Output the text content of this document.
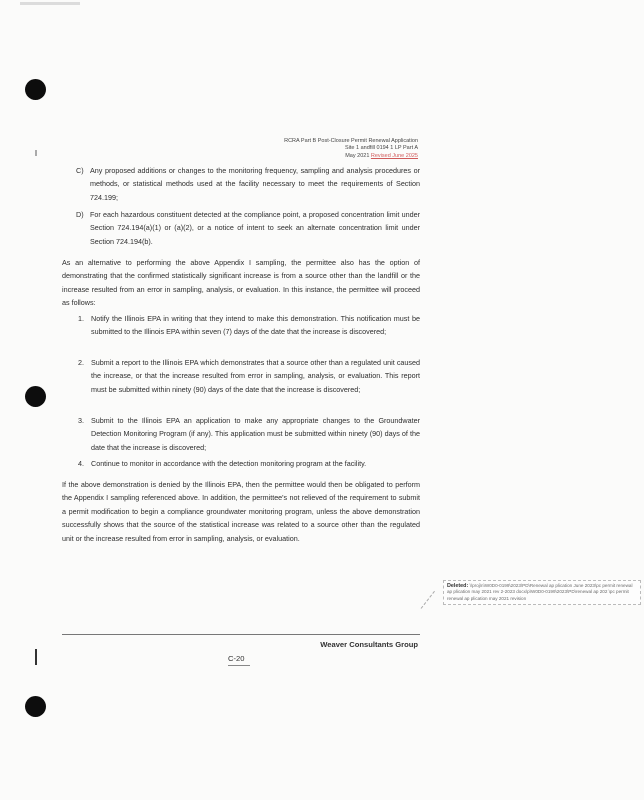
RCRA Part B Post-Closure Permit Renewal Application
Site 1 andfill 0194 1 LP Part A
May 2021 Revised June 2025
C) Any proposed additions or changes to the monitoring frequency, sampling and analysis procedures or methods, or statistical methods used at the facility necessary to meet the requirements of Section 724.199;
D) For each hazardous constituent detected at the compliance point, a proposed concentration limit under Section 724.194(a)(1) or (a)(2), or a notice of intent to seek an alternate concentration limit under Section 724.194(b).
As an alternative to performing the above Appendix I sampling, the permittee also has the option of demonstrating that the confirmed statistically significant increase is from a source other than the landfill or the increase resulted from an error in sampling, analysis, or evaluation. In this instance, the permittee will proceed as follows:
1. Notify the Illinois EPA in writing that they intend to make this demonstration. This notification must be submitted to the Illinois EPA within seven (7) days of the date that the increase is discovered;
2. Submit a report to the Illinois EPA which demonstrates that a source other than a regulated unit caused the increase, or that the increase resulted from error in sampling, analysis, or evaluation. This report must be submitted within ninety (90) days of the date that the increase is discovered;
3. Submit to the Illinois EPA an application to make any appropriate changes to the Groundwater Detection Monitoring Program (if any). This application must be submitted within ninety (90) days of the date that the increase is discovered;
4. Continue to monitor in accordance with the detection monitoring program at the facility.
If the above demonstration is denied by the Illinois EPA, then the permittee would then be obligated to perform the Appendix I sampling referenced above. In addition, the permittee's not relieved of the requirement to submit a permit modification to begin a compliance groundwater monitoring program, unless the above demonstration successfully shows that the source of the statistical increase was related to a source other than the regulated unit or the increase resulted from error in sampling, analysis, or evaluation.
Deleted: \\proj\n\W0D0-0199\2023\PD\Renewal ap plication June 2023\pc permit renewal ap plication may 2021 rev 2-2023 docx\p\W0D0-0199\2023\PD\renewal ap 202 \pc permit renewal ap plication may 2021 revision
Weaver Consultants Group
C-20
